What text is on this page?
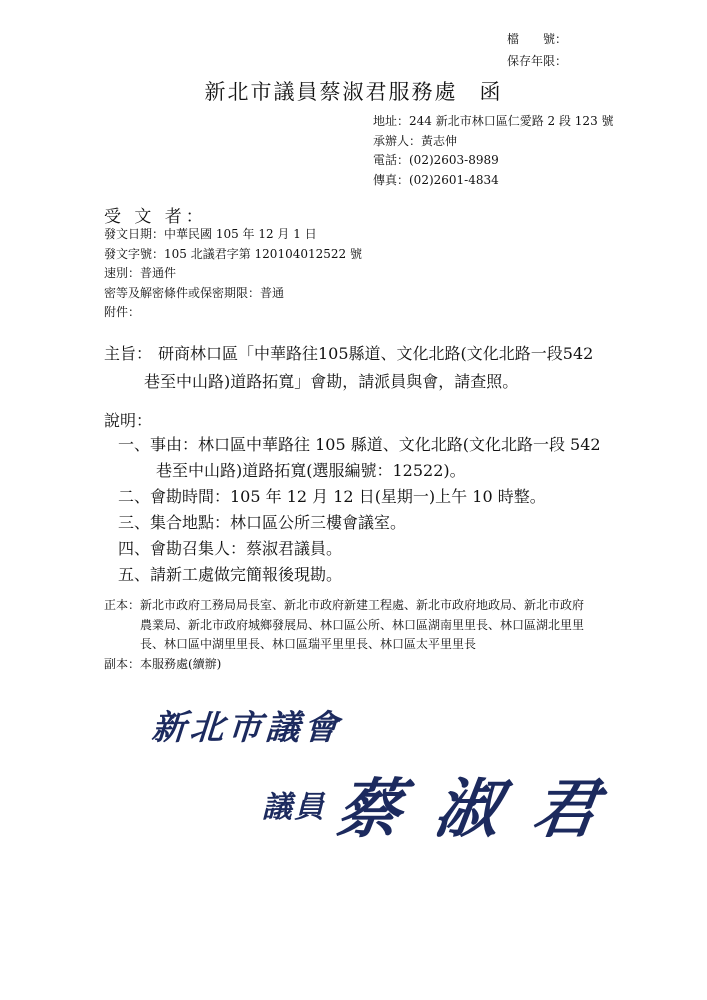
檔　　號：
保存年限：
新北市議員蔡淑君服務處 函
地址：244 新北市林口區仁愛路 2 段 123 號
承辦人：黃志伸
電話：(02)2603-8989
傳真：(02)2601-4834
受 文 者：
發文日期：中華民國 105 年 12 月 1 日
發文字號：105 北議君字第 120104012522 號
速別：普通件
密等及解密條件或保密期限：普通
附件：
主旨： 研商林口區「中華路往105縣道、文化北路(文化北路一段542
巷至中山路)道路拓寬」會勘，請派員與會，請查照。
說明：
一、事由：林口區中華路往 105 縣道、文化北路(文化北路一段 542
巷至中山路)道路拓寬(選服編號：12522)。
二、會勘時間：105 年 12 月 12 日(星期一)上午 10 時整。
三、集合地點：林口區公所三樓會議室。
四、會勘召集人：蔡淑君議員。
五、請新工處做完簡報後現勘。
正本：新北市政府工務局局長室、新北市政府新建工程處、新北市政府地政局、新北市政府
農業局、新北市政府城鄉發展局、林口區公所、林口區湖南里里長、林口區湖北里里
長、林口區中湖里里長、林口區瑞平里里長、林口區太平里里長
副本：本服務處(續辦)
新北市議會
議員 蔡淑君
